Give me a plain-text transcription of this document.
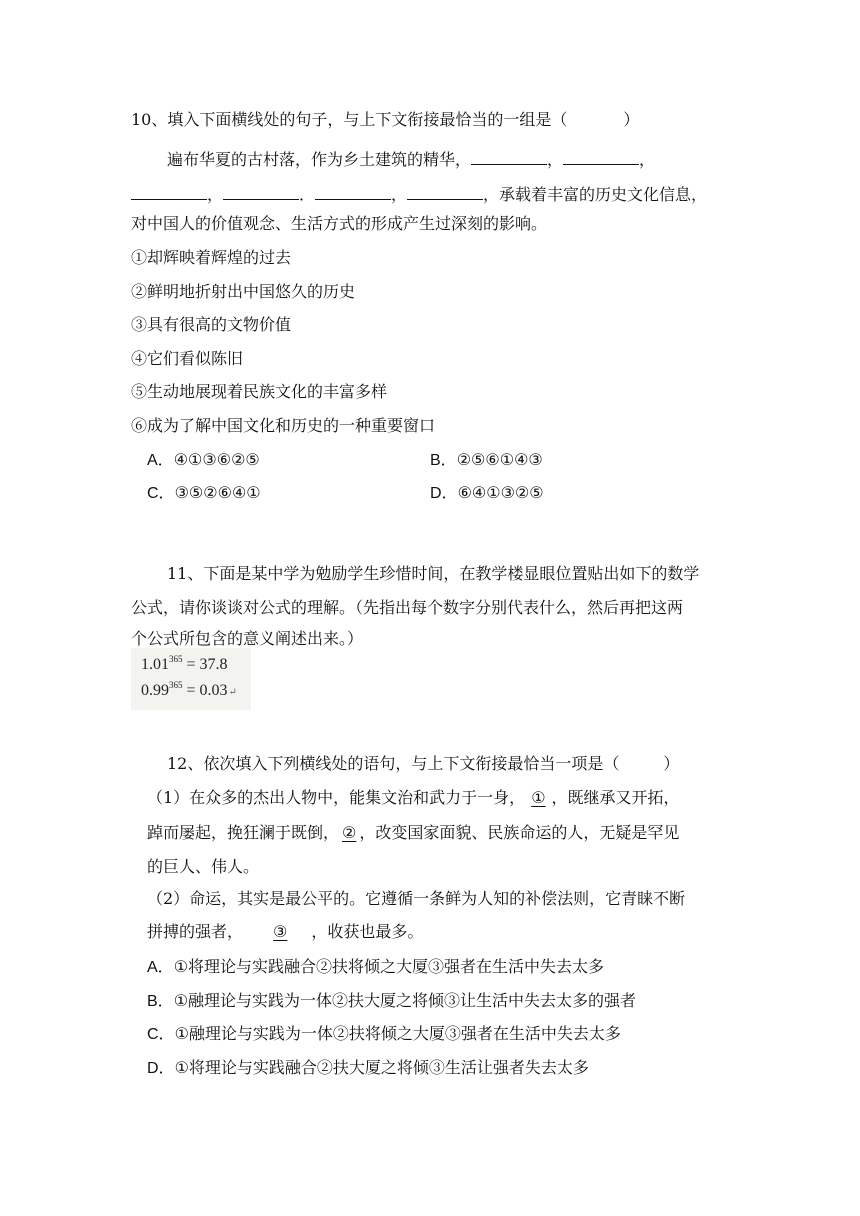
10、填入下面横线处的句子，与上下文衔接最恰当的一组是（	）
遍布华夏的古村落，作为乡土建筑的精华，	，	，
，	．	，	，承载着丰富的历史文化信息，
对中国人的价值观念、生活方式的形成产生过深刻的影响。
①却辉映着辉煌的过去
②鲜明地折射出中国悠久的历史
③具有很高的文物价值
④它们看似陈旧
⑤生动地展现着民族文化的丰富多样
⑥成为了解中国文化和历史的一种重要窗口
A．④①③⑥②⑤	B．②⑤⑥①④③
C．③⑤②⑥④①	D．⑥④①③②⑤
11、下面是某中学为勉励学生珍惜时间，在教学楼显眼位置贴出如下的数学
公式，请你谈谈对公式的理解。（先指出每个数字分别代表什么，然后再把这两
个公式所包含的意义阐述出来。）
$1.01^{365} = 37.8$
$0.99^{365}$ = 0.03↵
12、依次填入下列横线处的语句，与上下文衔接最恰当一项是（	）
（1）在众多的杰出人物中，能集文治和武力于一身， ① ，既继承又开拓，
踔而屡起，挽狂澜于既倒， ② ，改变国家面貌、民族命运的人，无疑是罕见
的巨人、伟人。
（2）命运，其实是最公平的。它遵循一条鲜为人知的补偿法则，它青睐不断
拼搏的强者， ③ ，收获也最多。
A．①将理论与实践融合②扶将倾之大厦③强者在生活中失去太多
B．①融理论与实践为一体②扶大厦之将倾③让生活中失去太多的强者
C．①融理论与实践为一体②扶将倾之大厦③强者在生活中失去太多
D．①将理论与实践融合②扶大厦之将倾③生活让强者失去太多
